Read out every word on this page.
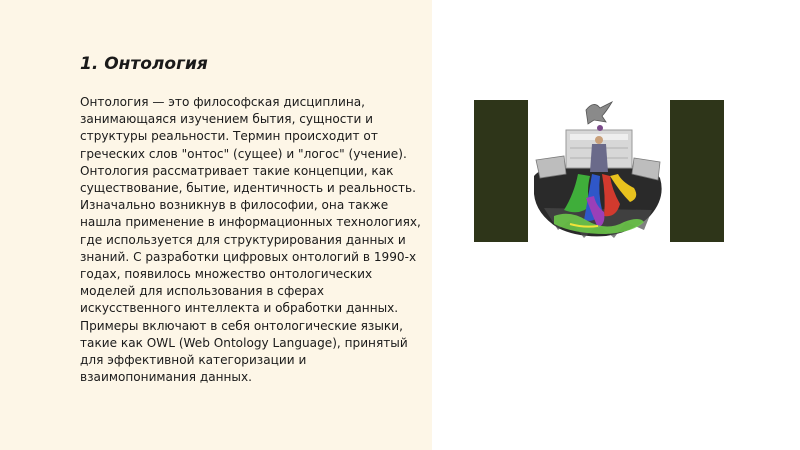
1. Онтология

Онтология — это философская дисциплина, занимающаяся изучением бытия, сущности и структуры реальности. Термин происходит от греческих слов "онтос" (сущее) и "логос" (учение). Онтология рассматривает такие концепции, как существование, бытие, идентичность и реальность. Изначально возникнув в философии, она также нашла применение в информационных технологиях, где используется для структурирования данных и знаний. С разработки цифровых онтологий в 1990-х годах, появилось множество онтологических моделей для использования в сферах искусственного интеллекта и обработки данных. Примеры включают в себя онтологические языки, такие как OWL (Web Ontology Language), принятый для эффективной категоризации и взаимопонимания данных.
